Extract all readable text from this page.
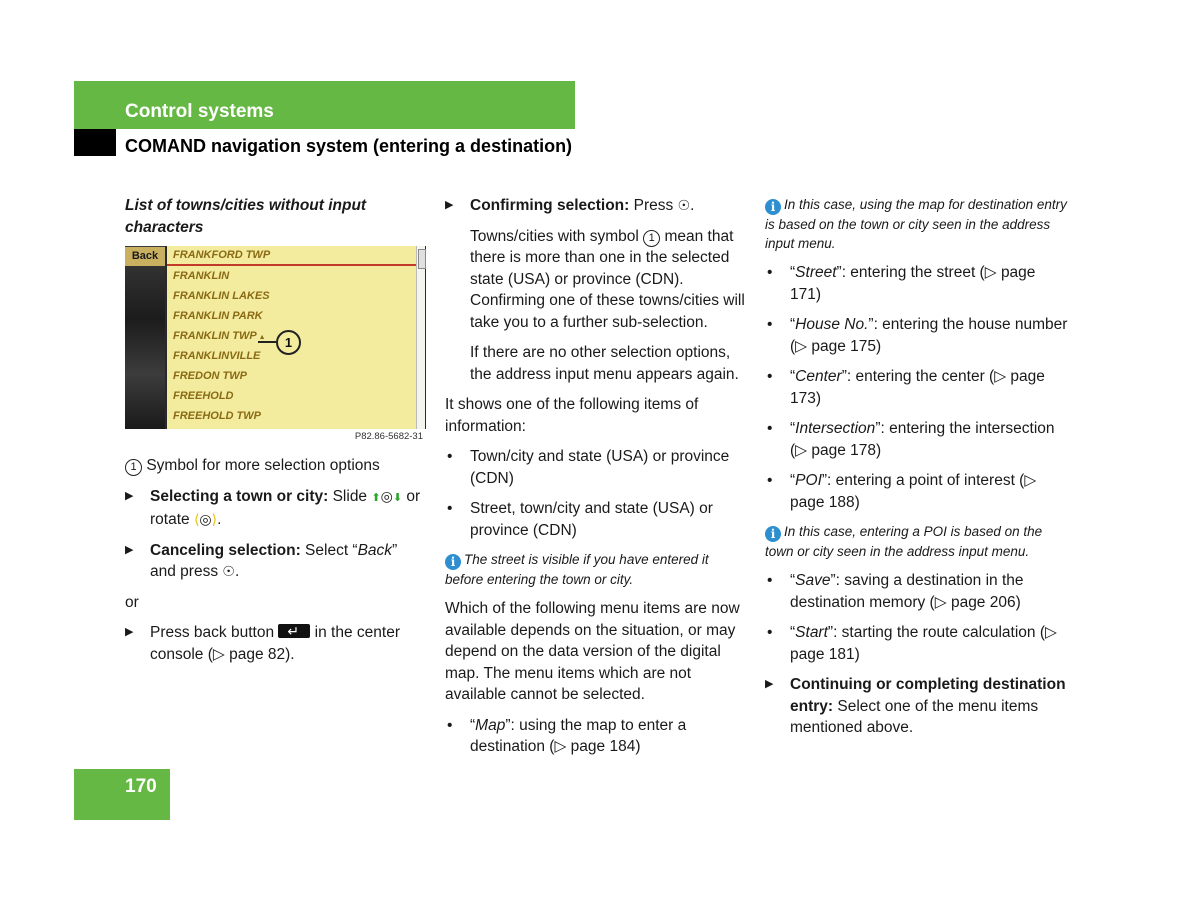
Control systems
COMAND navigation system (entering a destination)

List of towns/cities without input characters

Back	FRANKFORD TWP
FRANKLIN
FRANKLIN LAKES
FRANKLIN PARK
FRANKLIN TWP ▲
FRANKLINVILLE
FREDON TWP
FREEHOLD
FREEHOLD TWP
1

P82.86-5682-31

1 Symbol for more selection options

▶ Selecting a town or city: Slide ⬆◎⬇ or rotate ⟨◎⟩.

▶ Canceling selection: Select “Back” and press ☉.

or

▶ Press back button ↵ in the center console (▷ page 82).

▶ Confirming selection: Press ☉.

Towns/cities with symbol 1 mean that there is more than one in the selected state (USA) or province (CDN). Confirming one of these towns/cities will take you to a further sub-selection.

If there are no other selection options, the address input menu appears again.

It shows one of the following items of information:

• Town/city and state (USA) or province (CDN)

• Street, town/city and state (USA) or province (CDN)

i The street is visible if you have entered it before entering the town or city.

Which of the following menu items are now available depends on the situation, or may depend on the data version of the digital map. The menu items which are not available cannot be selected.

• “Map”: using the map to enter a destination (▷ page 184)

i In this case, using the map for destination entry is based on the town or city seen in the address input menu.

• “Street”: entering the street (▷ page 171)

• “House No.”: entering the house number (▷ page 175)

• “Center”: entering the center (▷ page 173)

• “Intersection”: entering the intersection (▷ page 178)

• “POI”: entering a point of interest (▷ page 188)

i In this case, entering a POI is based on the town or city seen in the address input menu.

• “Save”: saving a destination in the destination memory (▷ page 206)

• “Start”: starting the route calculation (▷ page 181)

▶ Continuing or completing destination entry: Select one of the menu items mentioned above.

170
